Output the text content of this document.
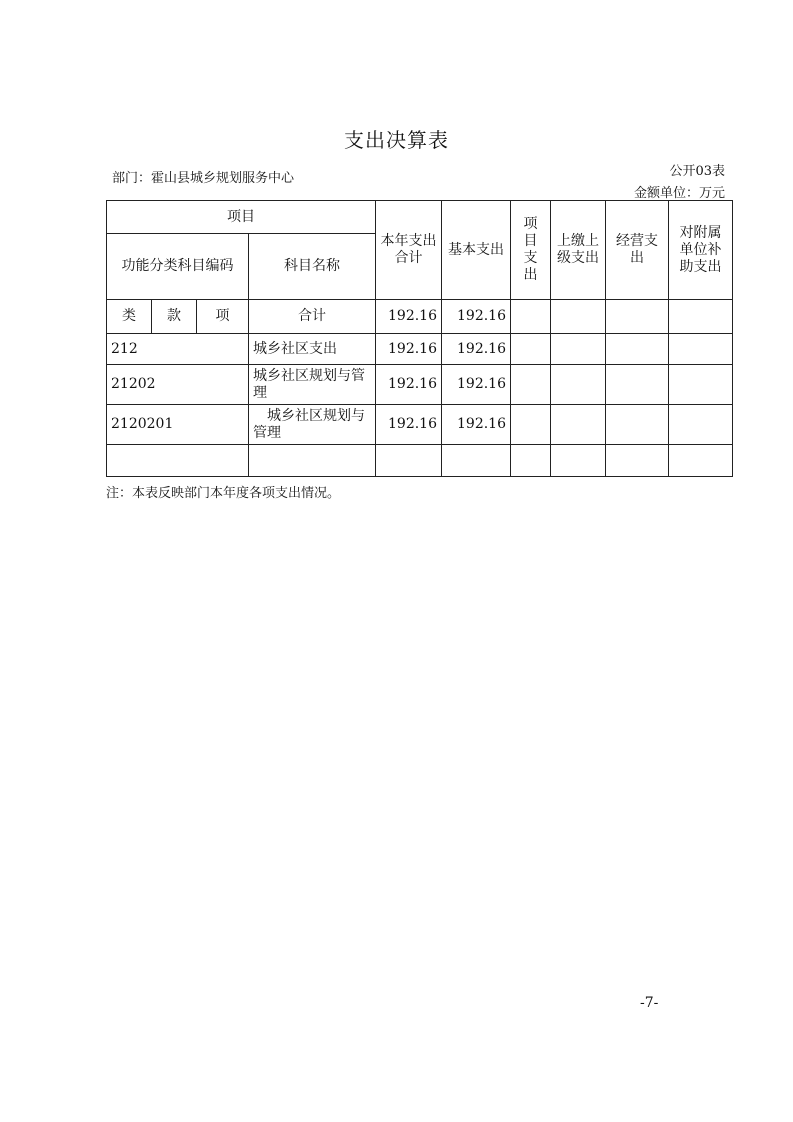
支出决算表
公开03表
部门：霍山县城乡规划服务中心
金额单位：万元
项目				本年支出合计	基本支出	项目支出	上缴上级支出	经营支出	对附属单位补助支出
功能分类科目编码			科目名称						
类	款	项	合计	192.16	192.16				
212			城乡社区支出	192.16	192.16				
21202			城乡社区规划与管理	192.16	192.16				
2120201			城乡社区规划与管理	192.16	192.16				

注：本表反映部门本年度各项支出情况。
-7-
